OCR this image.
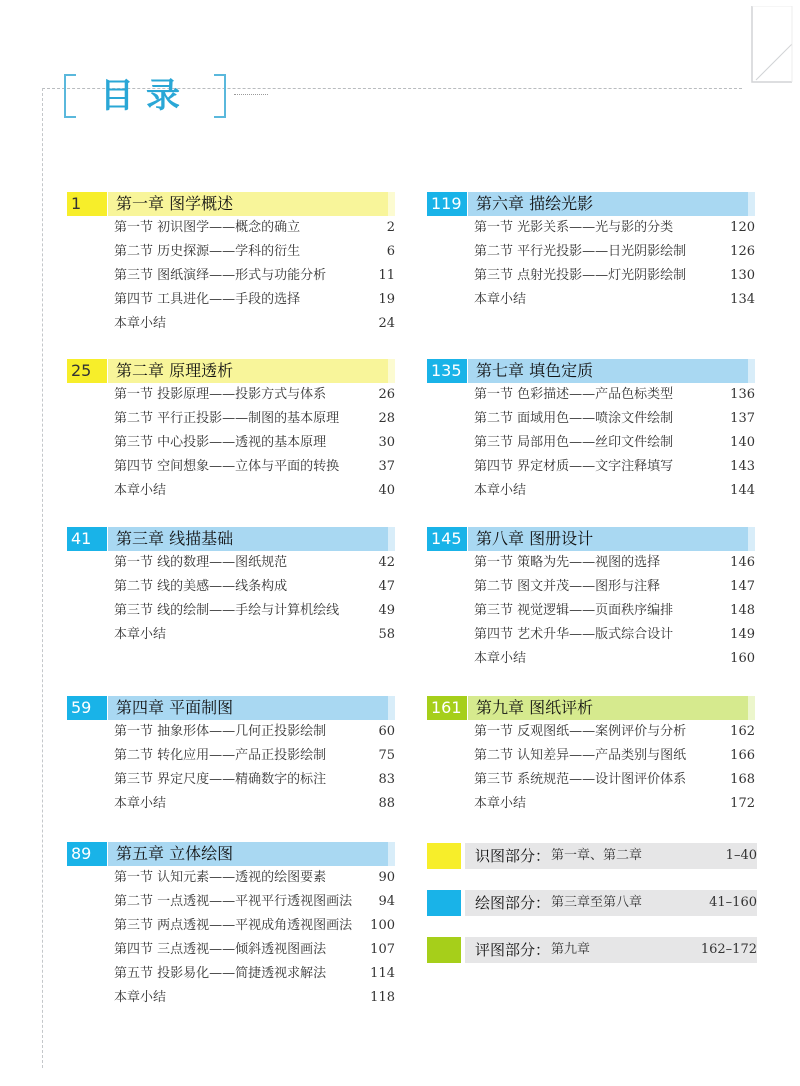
目录
1	第一章 图学概述
第一节 初识图学——概念的确立	2
第二节 历史探源——学科的衍生	6
第三节 图纸演绎——形式与功能分析	11
第四节 工具进化——手段的选择	19
本章小结	24
25	第二章 原理透析
第一节 投影原理——投影方式与体系	26
第二节 平行正投影——制图的基本原理	28
第三节 中心投影——透视的基本原理	30
第四节 空间想象——立体与平面的转换	37
本章小结	40
41	第三章 线描基础
第一节 线的数理——图纸规范	42
第二节 线的美感——线条构成	47
第三节 线的绘制——手绘与计算机绘线	49
本章小结	58
59	第四章 平面制图
第一节 抽象形体——几何正投影绘制	60
第二节 转化应用——产品正投影绘制	75
第三节 界定尺度——精确数字的标注	83
本章小结	88
89	第五章 立体绘图
第一节 认知元素——透视的绘图要素	90
第二节 一点透视——平视平行透视图画法 94
第三节 两点透视——平视成角透视图画法 100
第四节 三点透视——倾斜透视图画法	107
第五节 投影易化——简捷透视求解法	114
本章小结	118
119 第六章 描绘光影
第一节 光影关系——光与影的分类	120
第二节 平行光投影——日光阴影绘制	126
第三节 点射光投影——灯光阴影绘制	130
本章小结	134
135 第七章 填色定质
第一节 色彩描述——产品色标类型	136
第二节 面域用色——喷涂文件绘制	137
第三节 局部用色——丝印文件绘制	140
第四节 界定材质——文字注释填写	143
本章小结	144
145 第八章 图册设计
第一节 策略为先——视图的选择	146
第二节 图文并茂——图形与注释	147
第三节 视觉逻辑——页面秩序编排	148
第四节 艺术升华——版式综合设计	149
本章小结	160
161 第九章 图纸评析
第一节 反观图纸——案例评价与分析	162
第二节 认知差异——产品类别与图纸	166
第三节 系统规范——设计图评价体系	168
本章小结	172
识图部分： 第一章、第二章	1–40
绘图部分： 第三章至第八章	41–160
评图部分： 第九章	162–172
